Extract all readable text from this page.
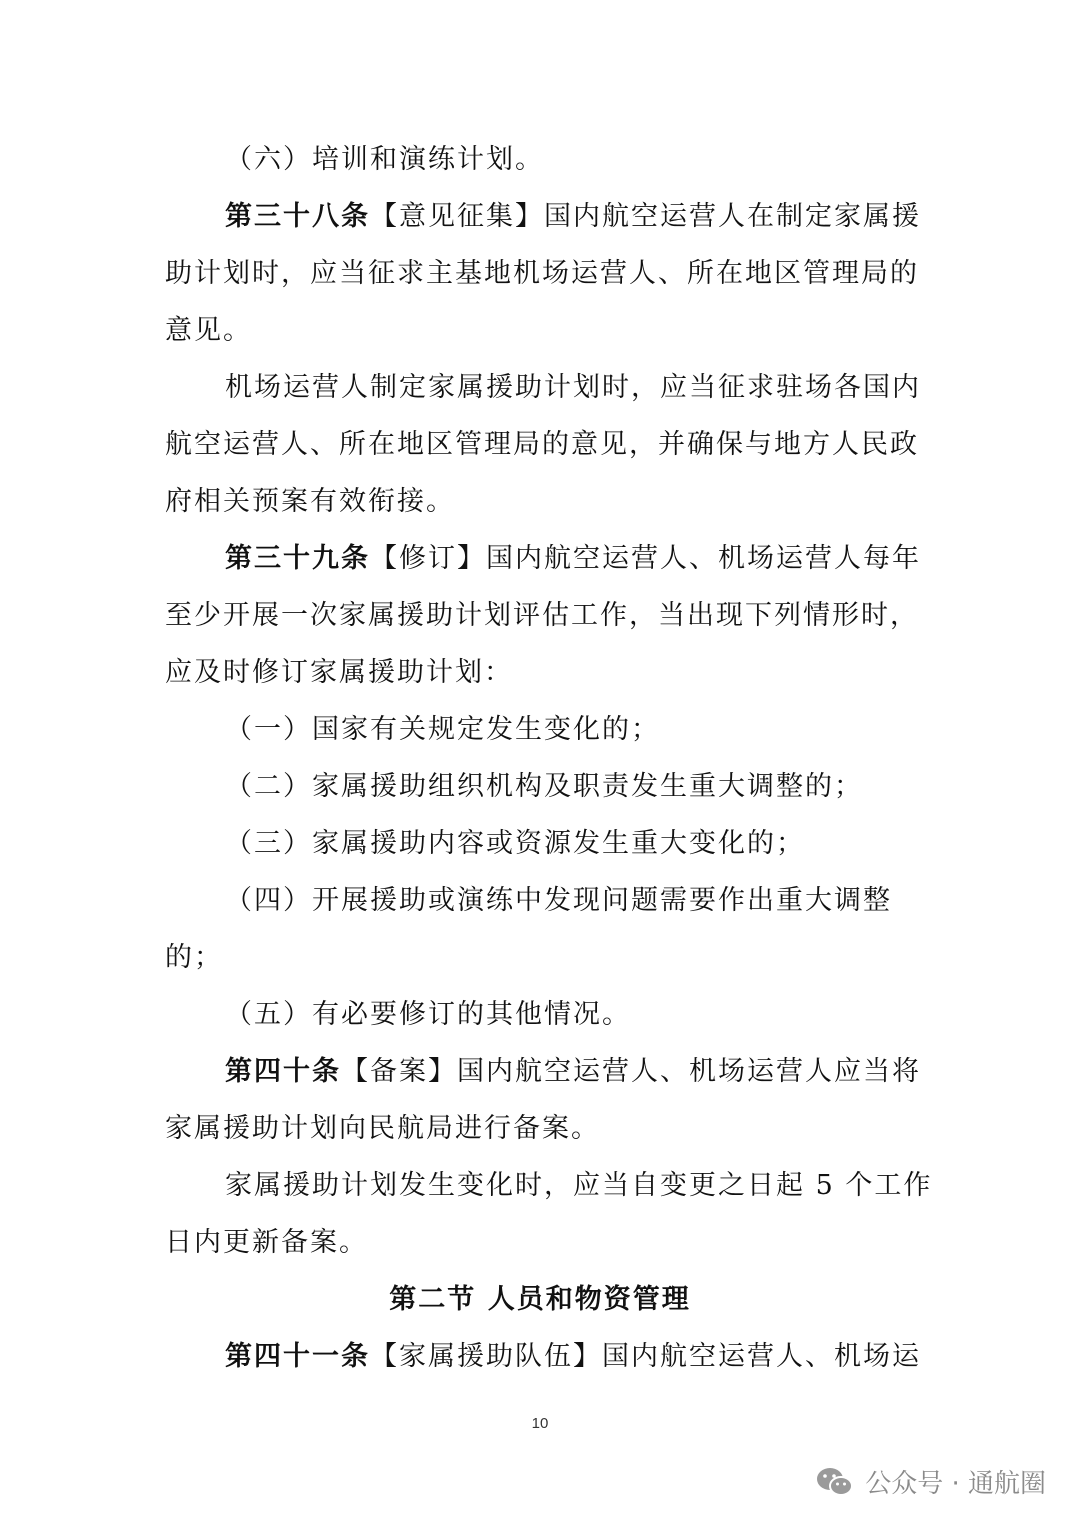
（六）培训和演练计划。
第三十八条【意见征集】国内航空运营人在制定家属援
助计划时，应当征求主基地机场运营人、所在地区管理局的
意见。
机场运营人制定家属援助计划时，应当征求驻场各国内
航空运营人、所在地区管理局的意见，并确保与地方人民政
府相关预案有效衔接。
第三十九条【修订】国内航空运营人、机场运营人每年
至少开展一次家属援助计划评估工作，当出现下列情形时，
应及时修订家属援助计划：
（一）国家有关规定发生变化的；
（二）家属援助组织机构及职责发生重大调整的；
（三）家属援助内容或资源发生重大变化的；
（四）开展援助或演练中发现问题需要作出重大调整
的；
（五）有必要修订的其他情况。
第四十条【备案】国内航空运营人、机场运营人应当将
家属援助计划向民航局进行备案。
家属援助计划发生变化时，应当自变更之日起 5 个工作
日内更新备案。
第二节 人员和物资管理
第四十一条【家属援助队伍】国内航空运营人、机场运
10
公众号 · 通航圈
